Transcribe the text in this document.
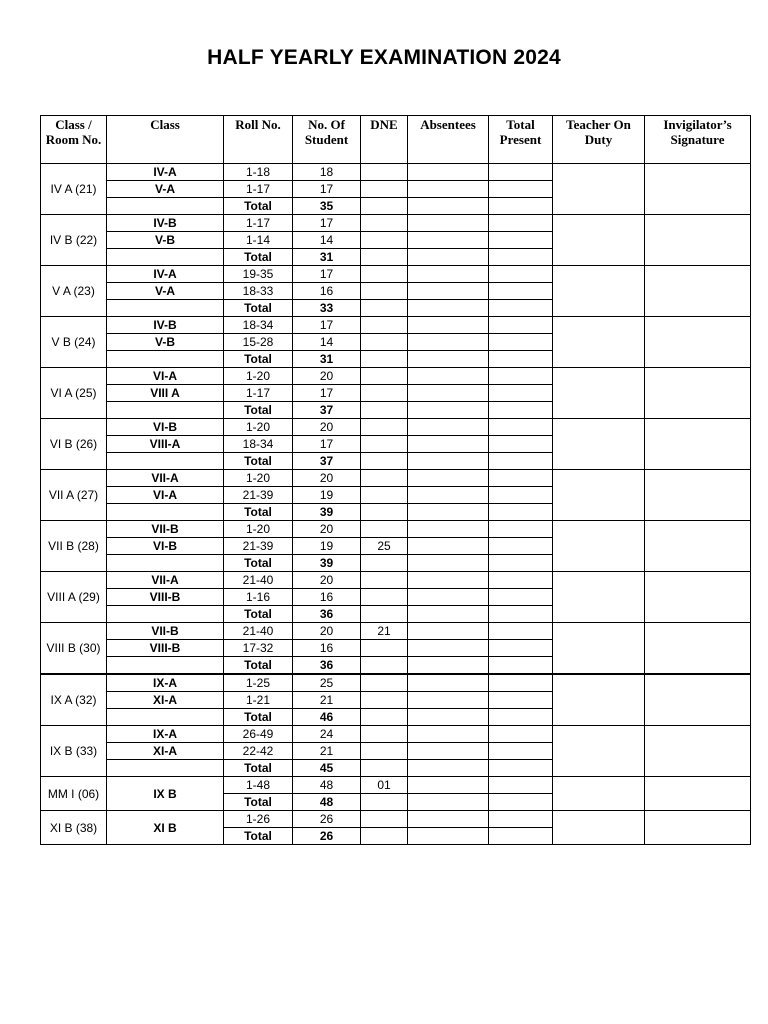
HALF YEARLY EXAMINATION 2024
Class / Room No.	Class	Roll No.	No. Of Student	DNE	Absentees	Total Present	Teacher On Duty	Invigilator’s Signature
IV A (21)	IV-A	1-18	18					
	V-A	1-17	17					
		Total	35					
IV B (22)	IV-B	1-17	17					
	V-B	1-14	14					
		Total	31					
V A (23)	IV-A	19-35	17					
	V-A	18-33	16					
		Total	33					
V B (24)	IV-B	18-34	17					
	V-B	15-28	14					
		Total	31					
VI A (25)	VI-A	1-20	20					
	VIII A	1-17	17					
		Total	37					
VI B (26)	VI-B	1-20	20					
	VIII-A	18-34	17					
		Total	37					
VII A (27)	VII-A	1-20	20					
	VI-A	21-39	19					
		Total	39					
VII B (28)	VII-B	1-20	20					
	VI-B	21-39	19	25				
		Total	39					
VIII A (29)	VII-A	21-40	20					
	VIII-B	1-16	16					
		Total	36					
VIII B (30)	VII-B	21-40	20	21				
	VIII-B	17-32	16					
		Total	36					
IX A (32)	IX-A	1-25	25					
	XI-A	1-21	21					
		Total	46					
IX B (33)	IX-A	26-49	24					
	XI-A	22-42	21					
		Total	45					
MM I (06)	IX B	1-48	48	01				
		Total	48					
XI B (38)	XI B	1-26	26					
		Total	26					
